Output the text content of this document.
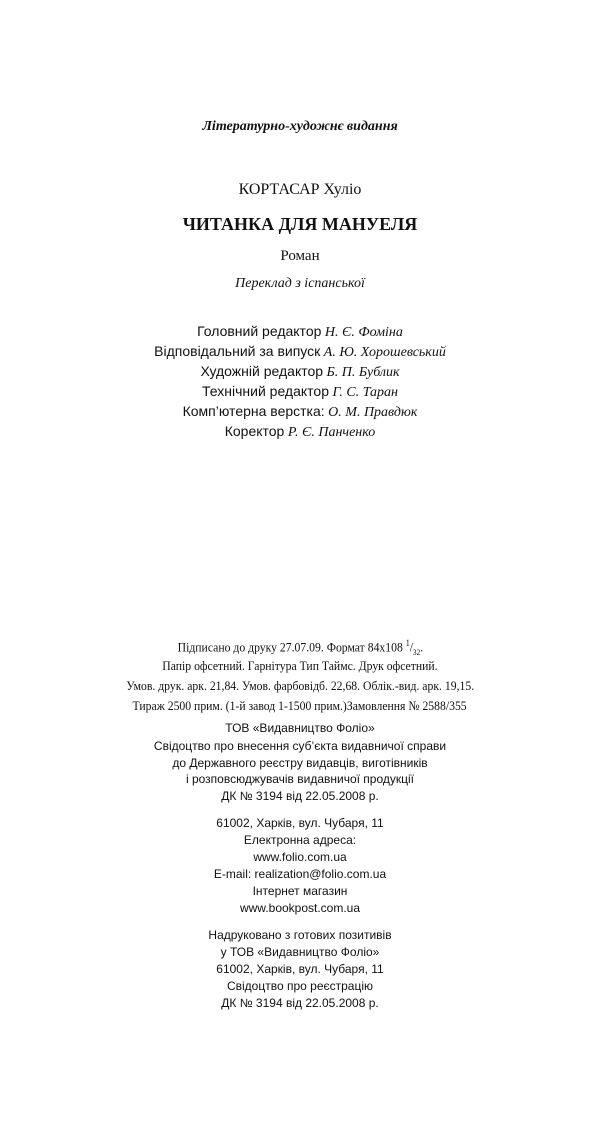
Літературно-художнє видання
КОРТАСАР Хуліо
ЧИТАНКА ДЛЯ МАНУЕЛЯ
Роман
Переклад з іспанської
Головний редактор Н. Є. Фоміна
Відповідальний за випуск А. Ю. Хорошевський
Художній редактор Б. П. Бублик
Технічний редактор Г. С. Таран
Комп’ютерна верстка: О. М. Правдюк
Коректор Р. Є. Панченко
Підписано до друку 27.07.09. Формат 84х108 $^1/_{32}$.
Папір офсетний. Гарнітура Тип Таймс. Друк офсетний.
Умов. друк. арк. 21,84. Умов. фарбовідб. 22,68. Облік.-вид. арк. 19,15.
Тираж 2500 прим. (1-й завод 1-1500 прим.)Замовлення № 2588/355
ТОВ «Видавництво Фоліо»
Свідоцтво про внесення суб’єкта видавничої справи
до Державного реєстру видавців, виготівників
і розповсюджувачів видавничої продукції
ДК № 3194 від 22.05.2008 р.
61002, Харків, вул. Чубаря, 11
Електронна адреса:
www.folio.com.ua
E-mail: realization@folio.com.ua
Інтернет магазин
www.bookpost.com.ua
Надруковано з готових позитивів
у ТОВ «Видавництво Фоліо»
61002, Харків, вул. Чубаря, 11
Свідоцтво про реєстрацію
ДК № 3194 від 22.05.2008 р.
